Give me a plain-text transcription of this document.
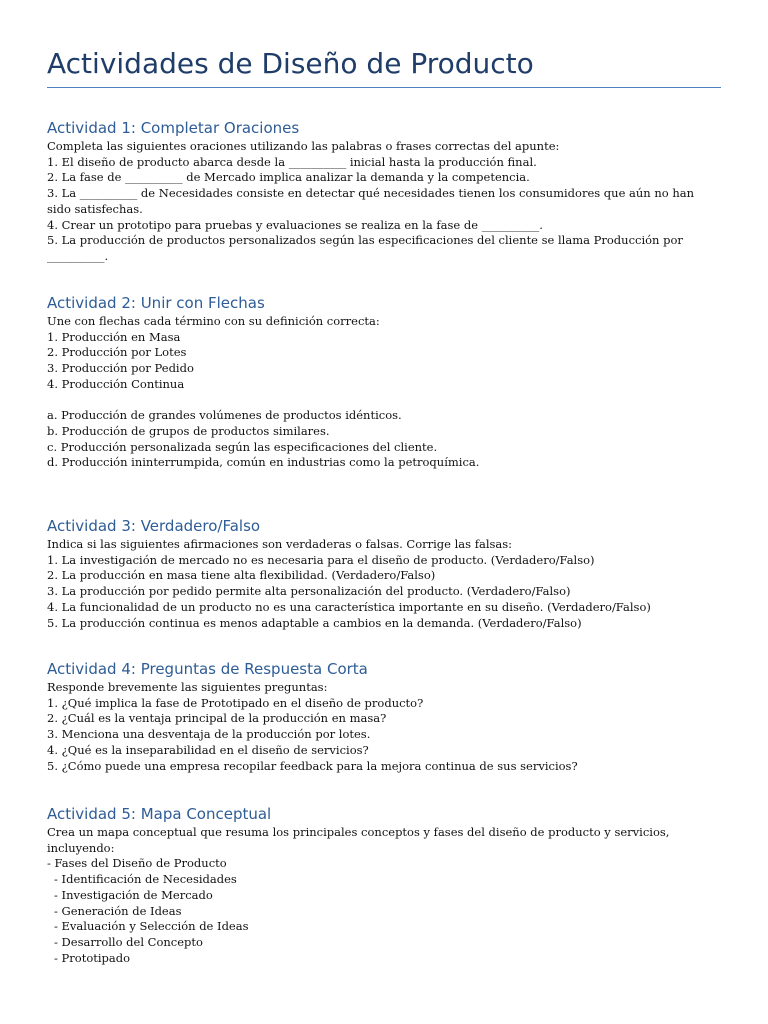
Actividades de Diseño de Producto
Actividad 1: Completar Oraciones

Completa las siguientes oraciones utilizando las palabras o frases correctas del apunte:

1. El diseño de producto abarca desde la __________ inicial hasta la producción final.

2. La fase de __________ de Mercado implica analizar la demanda y la competencia.

3. La __________ de Necesidades consiste en detectar qué necesidades tienen los consumidores que aún no han

sido satisfechas.

4. Crear un prototipo para pruebas y evaluaciones se realiza en la fase de __________.

5. La producción de productos personalizados según las especificaciones del cliente se llama Producción por

__________.

Actividad 2: Unir con Flechas

Une con flechas cada término con su definición correcta:

1. Producción en Masa

2. Producción por Lotes

3. Producción por Pedido

4. Producción Continua

a. Producción de grandes volúmenes de productos idénticos.

b. Producción de grupos de productos similares.

c. Producción personalizada según las especificaciones del cliente.

d. Producción ininterrumpida, común en industrias como la petroquímica.

Actividad 3: Verdadero/Falso

Indica si las siguientes afirmaciones son verdaderas o falsas. Corrige las falsas:

1. La investigación de mercado no es necesaria para el diseño de producto. (Verdadero/Falso)

2. La producción en masa tiene alta flexibilidad. (Verdadero/Falso)

3. La producción por pedido permite alta personalización del producto. (Verdadero/Falso)

4. La funcionalidad de un producto no es una característica importante en su diseño. (Verdadero/Falso)

5. La producción continua es menos adaptable a cambios en la demanda. (Verdadero/Falso)

Actividad 4: Preguntas de Respuesta Corta

Responde brevemente las siguientes preguntas:

1. ¿Qué implica la fase de Prototipado en el diseño de producto?

2. ¿Cuál es la ventaja principal de la producción en masa?

3. Menciona una desventaja de la producción por lotes.

4. ¿Qué es la inseparabilidad en el diseño de servicios?

5. ¿Cómo puede una empresa recopilar feedback para la mejora continua de sus servicios?

Actividad 5: Mapa Conceptual

Crea un mapa conceptual que resuma los principales conceptos y fases del diseño de producto y servicios,

incluyendo:

- Fases del Diseño de Producto

- Identificación de Necesidades

- Investigación de Mercado

- Generación de Ideas

- Evaluación y Selección de Ideas

- Desarrollo del Concepto

- Prototipado
